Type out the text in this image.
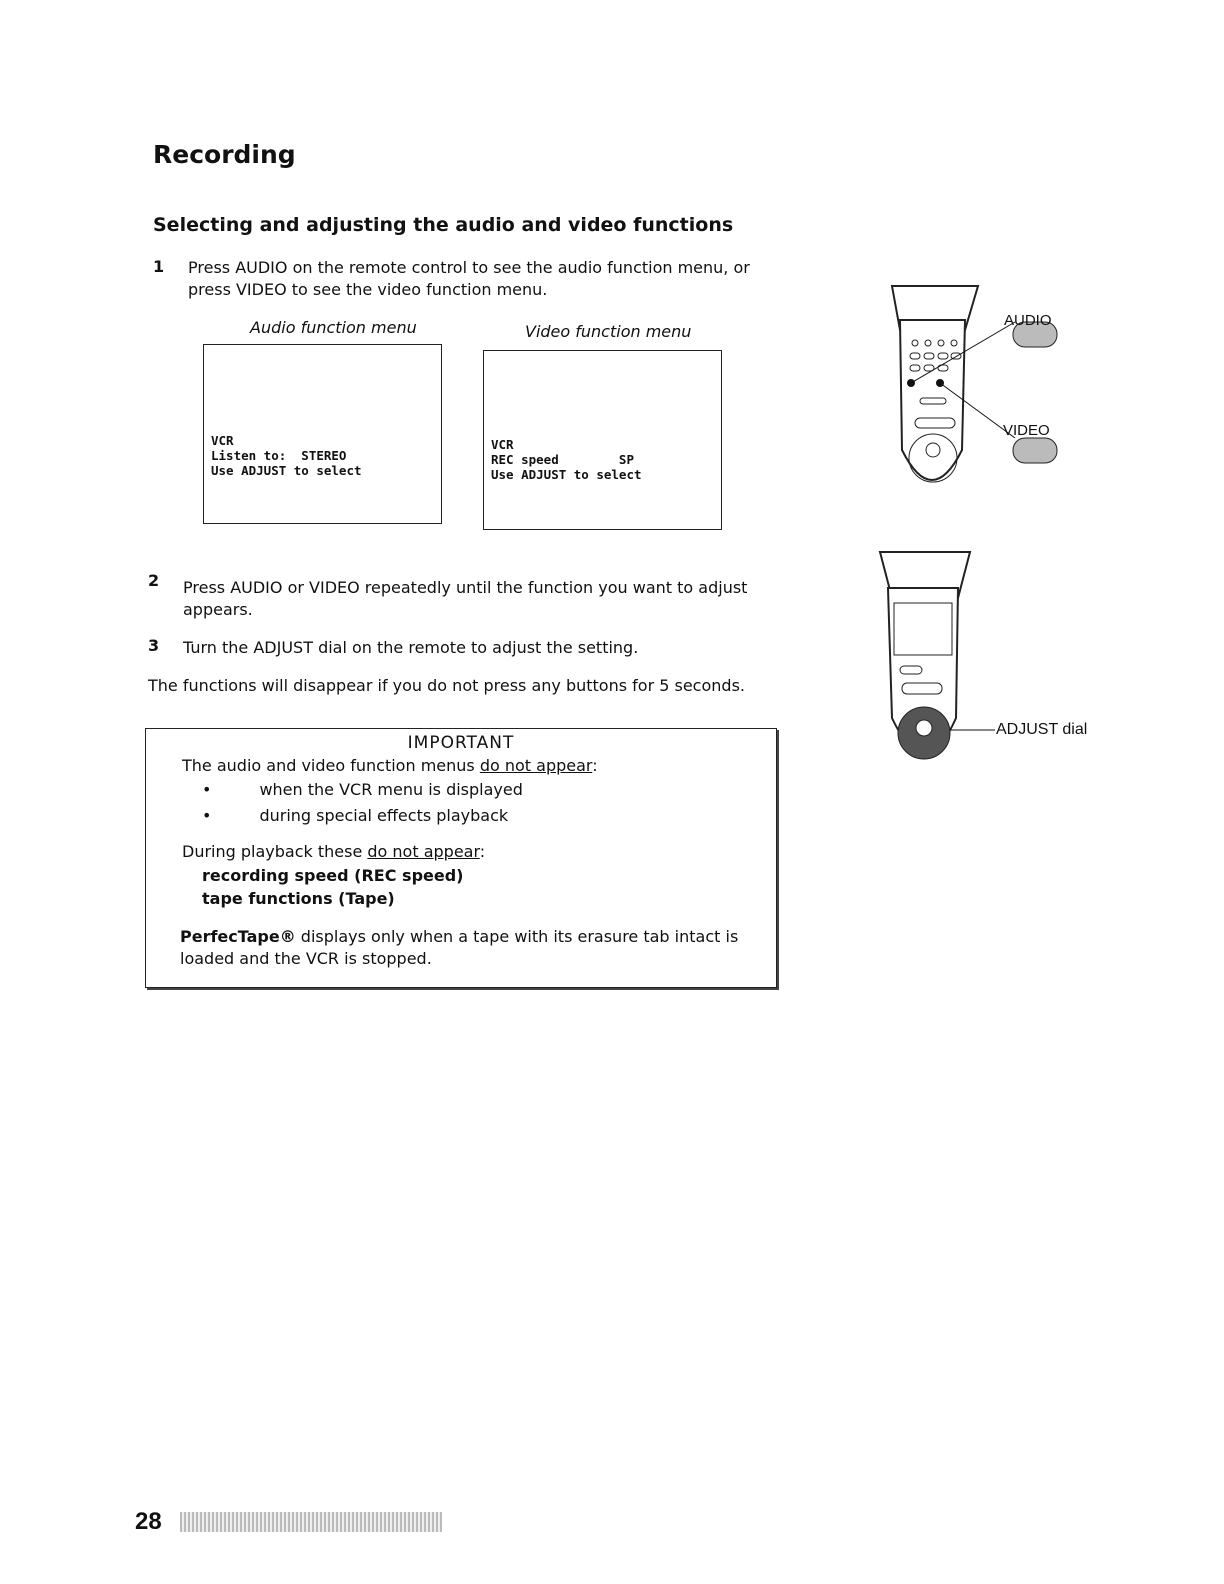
Recording
Selecting and adjusting the audio and video functions
1 Press AUDIO on the remote control to see the audio function menu, or press VIDEO to see the video function menu.
Audio function menu	Video function menu
VCR
Listen to:  STEREO
Use ADJUST to select
VCR
REC speed        SP
Use ADJUST to select
2 Press AUDIO or VIDEO repeatedly until the function you want to adjust appears.
3 Turn the ADJUST dial on the remote to adjust the setting.
The functions will disappear if you do not press any buttons for 5 seconds.
IMPORTANT
The audio and video function menus do not appear:
•	when the VCR menu is displayed
•	during special effects playback
During playback these do not appear:
recording speed (REC speed)
tape functions (Tape)
PerfecTape® displays only when a tape with its erasure tab intact is loaded and the VCR is stopped.
AUDIO
VIDEO
ADJUST dial
28
